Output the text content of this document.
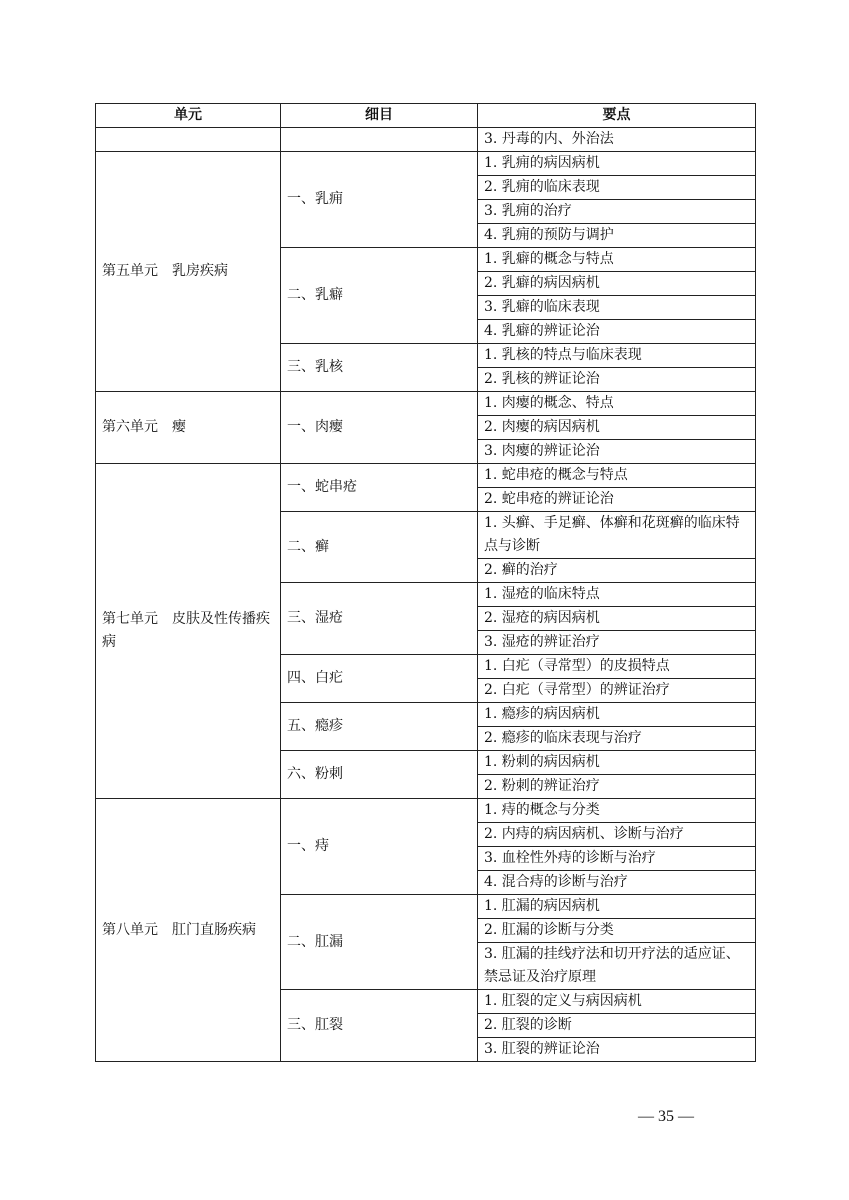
单元	细目	要点
		3. 丹毒的内、外治法
第五单元　乳房疾病	一、乳痈	1. 乳痈的病因病机
		2. 乳痈的临床表现
		3. 乳痈的治疗
		4. 乳痈的预防与调护
	二、乳癖	1. 乳癖的概念与特点
		2. 乳癖的病因病机
		3. 乳癖的临床表现
		4. 乳癖的辨证论治
	三、乳核	1. 乳核的特点与临床表现
		2. 乳核的辨证论治
第六单元　瘿	一、肉瘿	1. 肉瘿的概念、特点
		2. 肉瘿的病因病机
		3. 肉瘿的辨证论治
第七单元　皮肤及性传播疾病	一、蛇串疮	1. 蛇串疮的概念与特点
		2. 蛇串疮的辨证论治
	二、癣	1. 头癣、手足癣、体癣和花斑癣的临床特点与诊断
		2. 癣的治疗
	三、湿疮	1. 湿疮的临床特点
		2. 湿疮的病因病机
		3. 湿疮的辨证治疗
	四、白疕	1. 白疕（寻常型）的皮损特点
		2. 白疕（寻常型）的辨证治疗
	五、瘾疹	1. 瘾疹的病因病机
		2. 瘾疹的临床表现与治疗
	六、粉刺	1. 粉刺的病因病机
		2. 粉刺的辨证治疗
第八单元　肛门直肠疾病	一、痔	1. 痔的概念与分类
		2. 内痔的病因病机、诊断与治疗
		3. 血栓性外痔的诊断与治疗
		4. 混合痔的诊断与治疗
	二、肛漏	1. 肛漏的病因病机
		2. 肛漏的诊断与分类
		3. 肛漏的挂线疗法和切开疗法的适应证、禁忌证及治疗原理
	三、肛裂	1. 肛裂的定义与病因病机
		2. 肛裂的诊断
		3. 肛裂的辨证论治
— 35 —
